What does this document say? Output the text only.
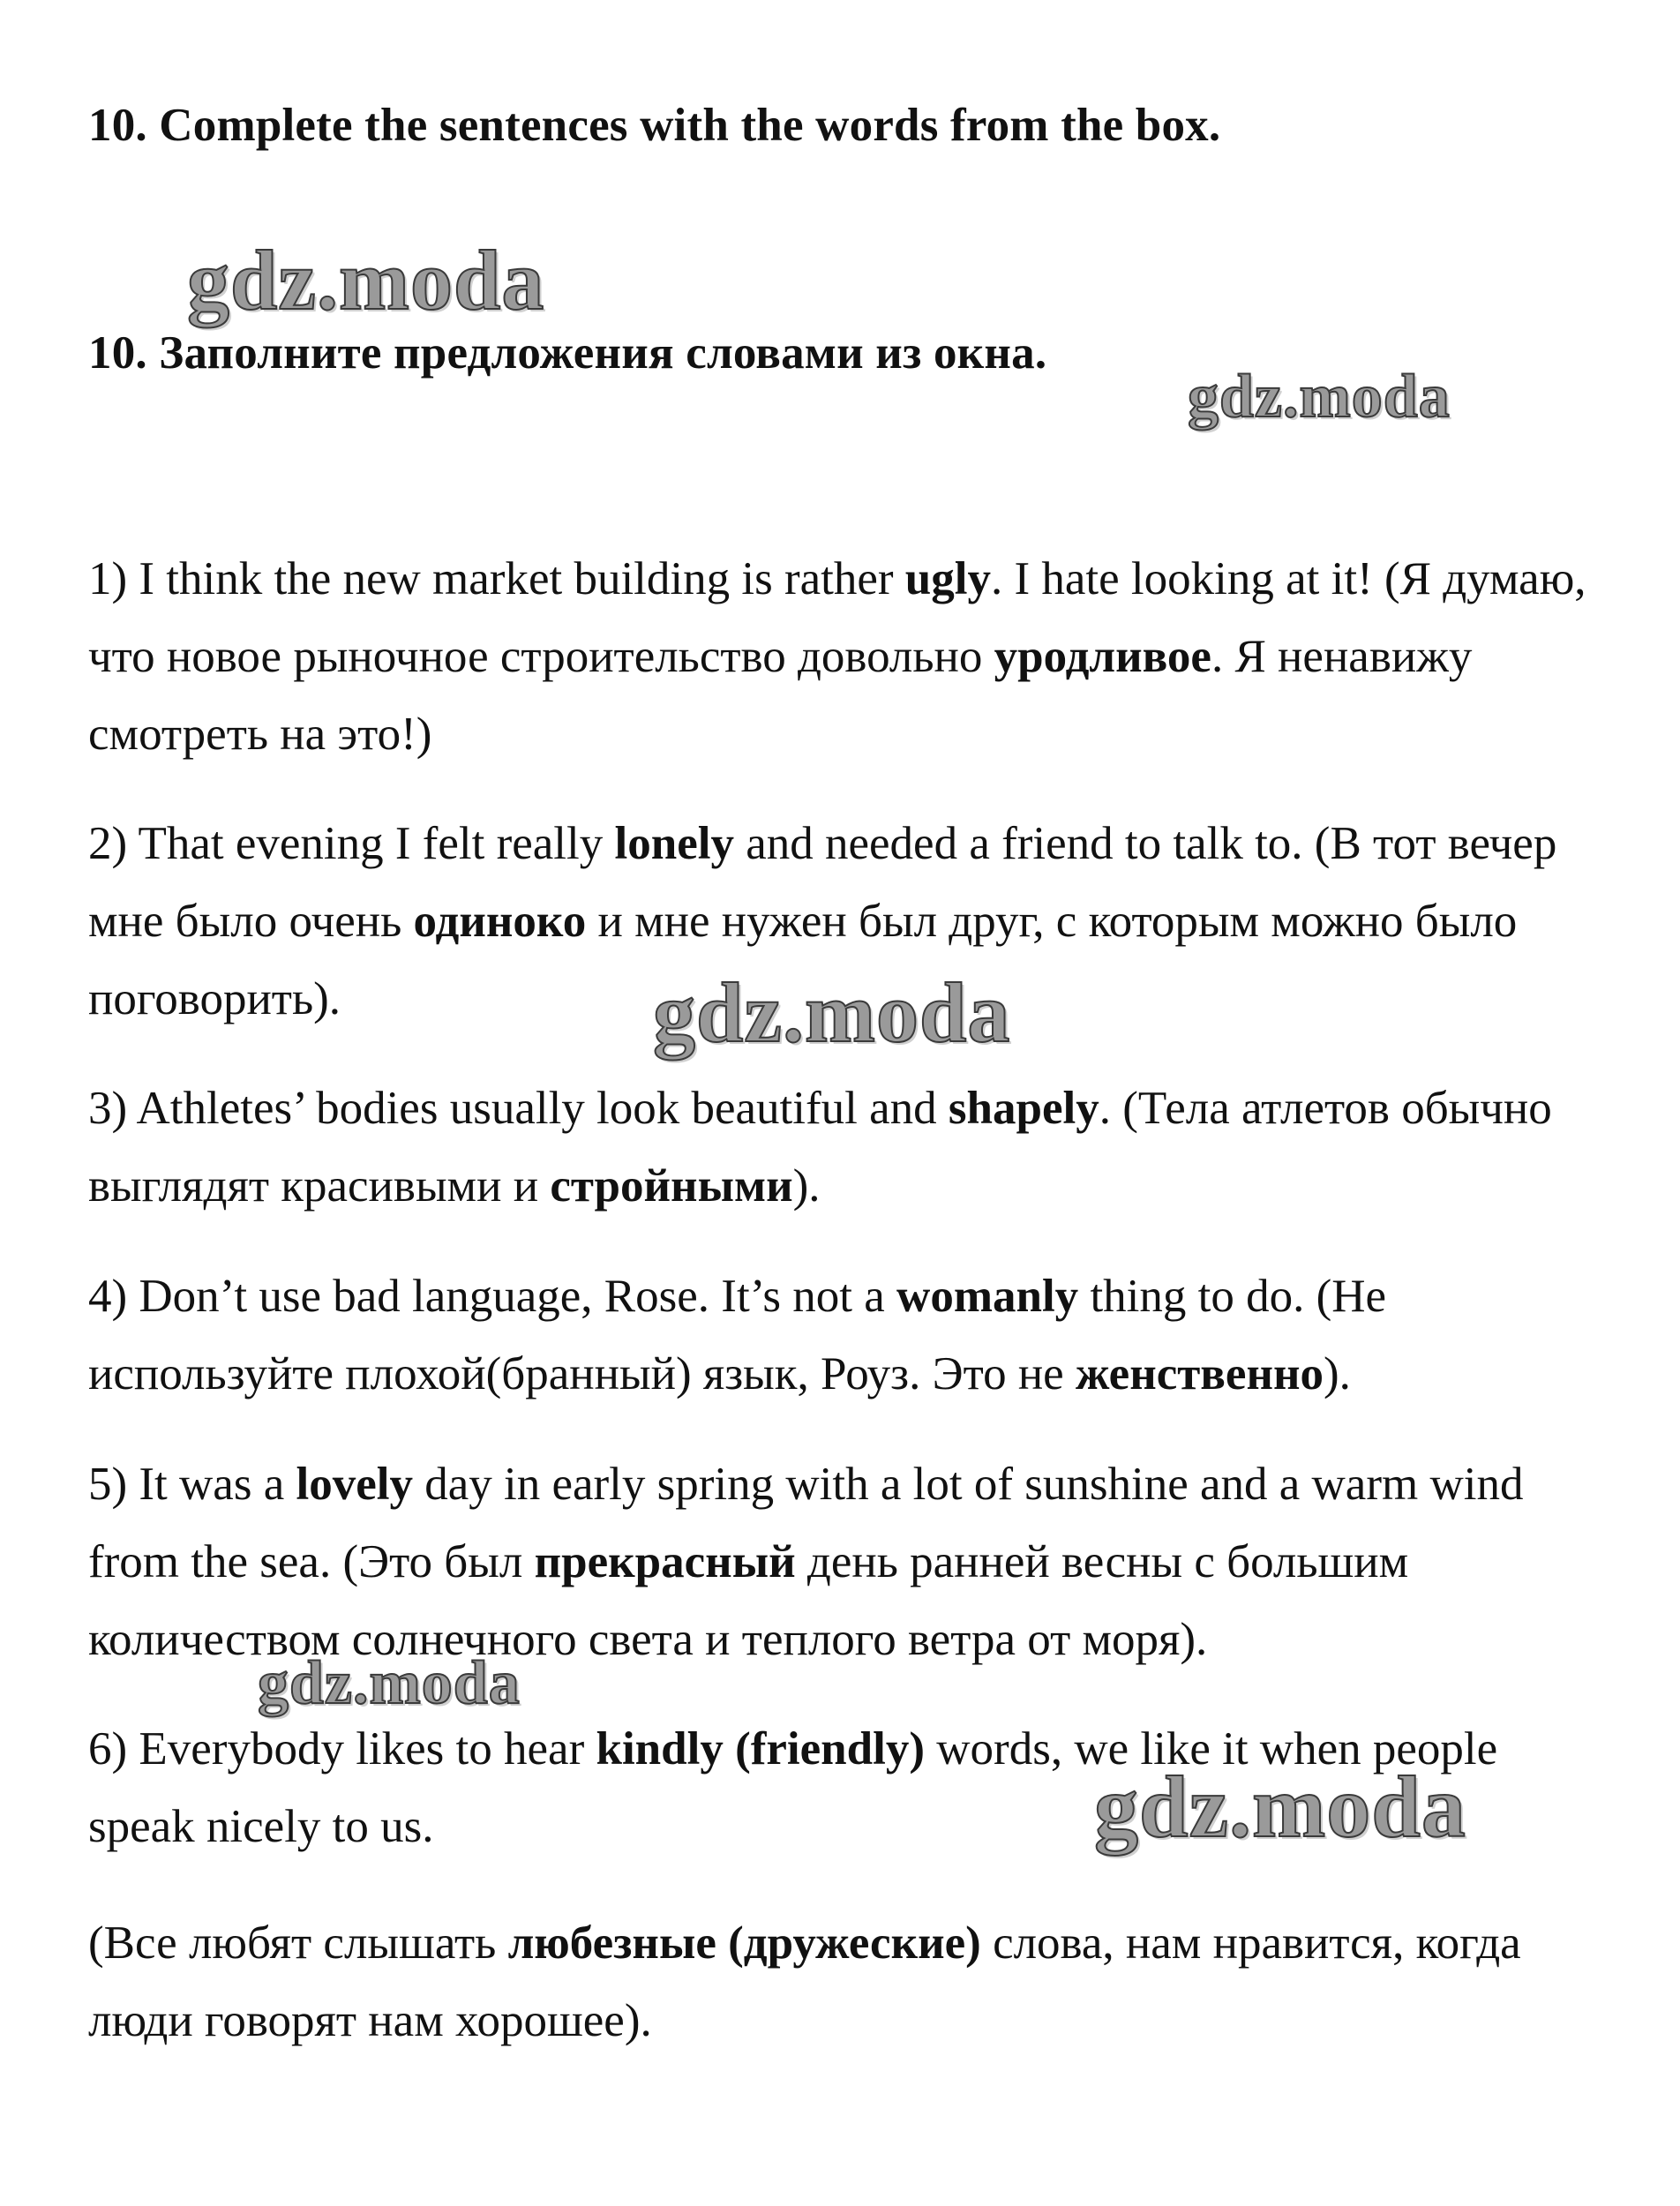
10. Complete the sentences with the words from the box.
10. Заполните предложения словами из окна.

1) I think the new market building is rather ugly. I hate looking at it! (Я думаю, что новое рыночное строительство довольно уродливое. Я ненавижу смотреть на это!)

2) That evening I felt really lonely and needed a friend to talk to. (В тот вечер мне было очень одиноко и мне нужен был друг, с которым можно было поговорить).

3) Athletes’ bodies usually look beautiful and shapely. (Тела атлетов обычно выглядят красивыми и стройными).

4) Don’t use bad language, Rose. It’s not a womanly thing to do. (Не используйте плохой(бранный) язык, Роуз. Это не женственно).

5) It was a lovely day in early spring with a lot of sunshine and a warm wind from the sea. (Это был прекрасный день ранней весны с большим количеством солнечного света и теплого ветра от моря).

6) Everybody likes to hear kindly (friendly) words, we like it when people speak nicely to us.

(Все любят слышать любезные (дружеские) слова, нам нравится, когда люди говорят нам хорошее).

gdz.moda
gdz.moda
gdz.moda
gdz.moda
gdz.moda
